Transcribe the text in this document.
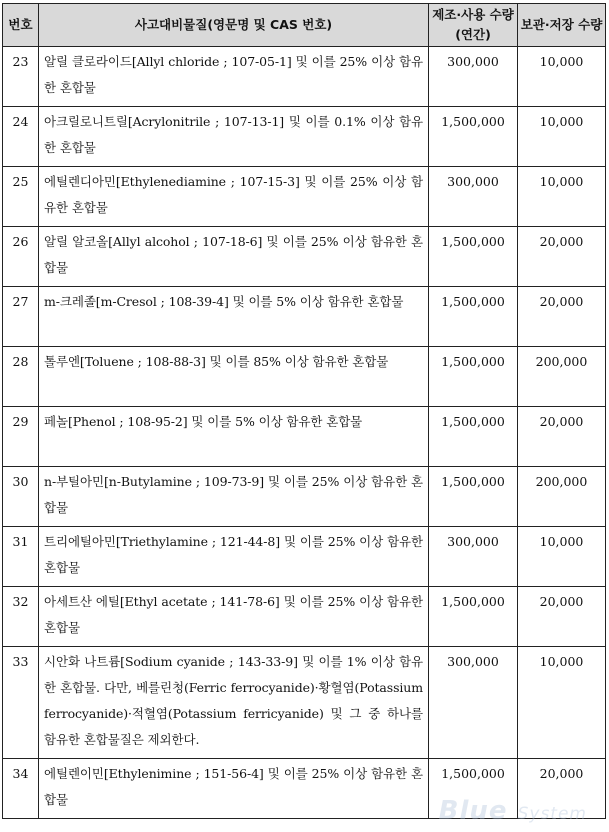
번호	사고대비물질(영문명 및 CAS 번호)	제조·사용 수량(연간)	보관·저장 수량
23	알릴 클로라이드[Allyl chloride ; 107-05-1] 및 이를 25% 이상 함유한 혼합물	300,000	10,000
24	아크릴로니트릴[Acrylonitrile ; 107-13-1] 및 이를 0.1% 이상 함유한 혼합물	1,500,000	10,000
25	에틸렌디아민[Ethylenediamine ; 107-15-3] 및 이를 25% 이상 함유한 혼합물	300,000	10,000
26	알릴 알코올[Allyl alcohol ; 107-18-6] 및 이를 25% 이상 함유한 혼합물	1,500,000	20,000
27	m-크레졸[m-Cresol ; 108-39-4] 및 이를 5% 이상 함유한 혼합물	1,500,000	20,000
28	톨루엔[Toluene ; 108-88-3] 및 이를 85% 이상 함유한 혼합물	1,500,000	200,000
29	페놀[Phenol ; 108-95-2] 및 이를 5% 이상 함유한 혼합물	1,500,000	20,000
30	n-부틸아민[n-Butylamine ; 109-73-9] 및 이를 25% 이상 함유한 혼합물	1,500,000	200,000
31	트리에틸아민[Triethylamine ; 121-44-8] 및 이를 25% 이상 함유한 혼합물	300,000	10,000
32	아세트산 에틸[Ethyl acetate ; 141-78-6] 및 이를 25% 이상 함유한 혼합물	1,500,000	20,000
33	시안화 나트륨[Sodium cyanide ; 143-33-9] 및 이를 1% 이상 함유한 혼합물. 다만, 베를린청(Ferric ferrocyanide)·황혈염(Potassium ferrocyanide)·적혈염(Potassium ferricyanide) 및 그 중 하나를 함유한 혼합물질은 제외한다.	300,000	10,000
34	에틸렌이민[Ethylenimine ; 151-56-4] 및 이를 25% 이상 함유한 혼합물	1,500,000	20,000
Blue System
